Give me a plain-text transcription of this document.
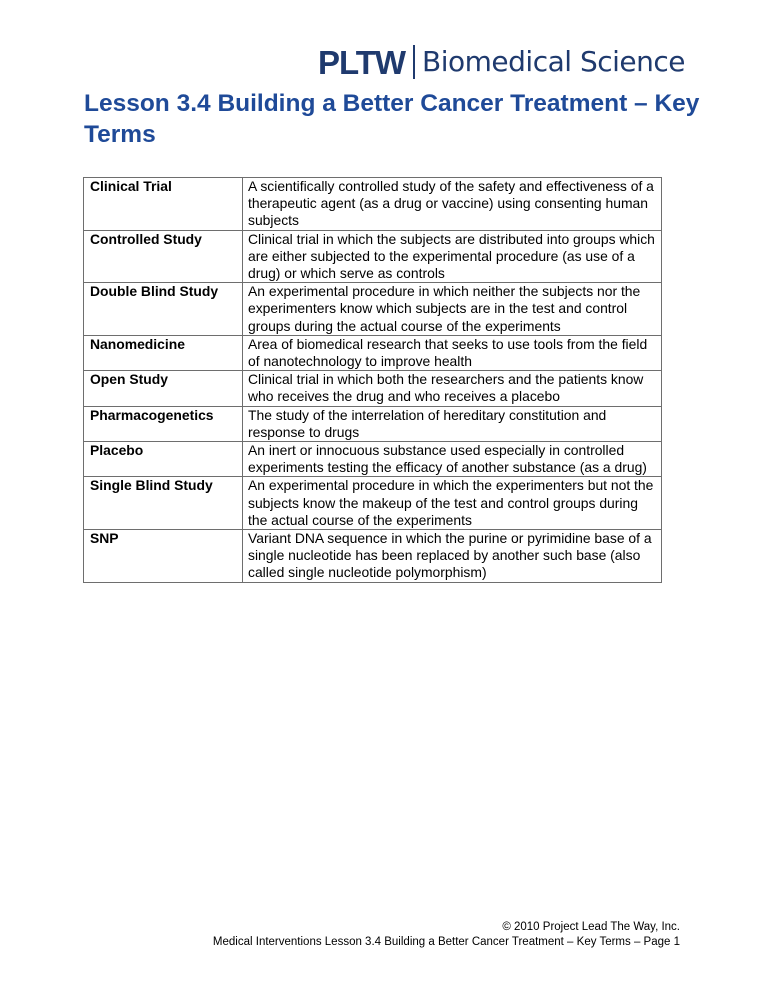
PLTW Biomedical Science
Lesson 3.4 Building a Better Cancer Treatment – Key Terms
Clinical Trial	A scientifically controlled study of the safety and effectiveness of a therapeutic agent (as a drug or vaccine) using consenting human subjects
Controlled Study	Clinical trial in which the subjects are distributed into groups which are either subjected to the experimental procedure (as use of a drug) or which serve as controls
Double Blind Study	An experimental procedure in which neither the subjects nor the experimenters know which subjects are in the test and control groups during the actual course of the experiments
Nanomedicine	Area of biomedical research that seeks to use tools from the field of nanotechnology to improve health
Open Study	Clinical trial in which both the researchers and the patients know who receives the drug and who receives a placebo
Pharmacogenetics	The study of the interrelation of hereditary constitution and response to drugs
Placebo	An inert or innocuous substance used especially in controlled experiments testing the efficacy of another substance (as a drug)
Single Blind Study	An experimental procedure in which the experimenters but not the subjects know the makeup of the test and control groups during the actual course of the experiments
SNP	Variant DNA sequence in which the purine or pyrimidine base of a single nucleotide has been replaced by another such base (also called single nucleotide polymorphism)
© 2010 Project Lead The Way, Inc.
Medical Interventions Lesson 3.4 Building a Better Cancer Treatment – Key Terms – Page 1
